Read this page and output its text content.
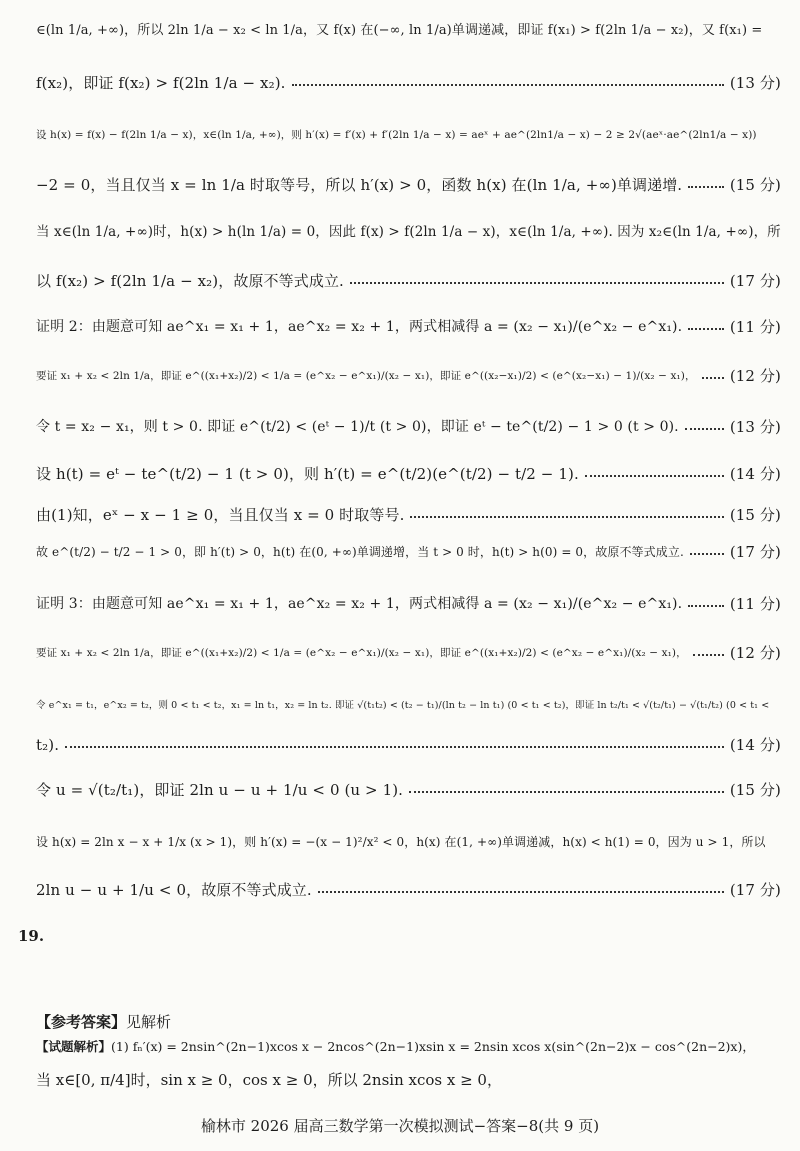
∈(ln 1/a, +∞)，所以 2ln 1/a − x₂ < ln 1/a，又 f(x) 在(−∞, ln 1/a)单调递减，即证 f(x₁) > f(2ln 1/a − x₂)，又 f(x₁) =
f(x₂)，即证 f(x₂) > f(2ln 1/a − x₂).	(13 分)
设 h(x) = f(x) − f(2ln 1/a − x)，x∈(ln 1/a, +∞)，则 h′(x) = f′(x) + f′(2ln 1/a − x) = aeˣ + ae^(2ln1/a − x) − 2 ≥ 2√(aeˣ·ae^(2ln1/a − x))
−2 = 0，当且仅当 x = ln 1/a 时取等号，所以 h′(x) > 0，函数 h(x) 在(ln 1/a, +∞)单调递增.	(15 分)
当 x∈(ln 1/a, +∞)时，h(x) > h(ln 1/a) = 0，因此 f(x) > f(2ln 1/a − x)，x∈(ln 1/a, +∞). 因为 x₂∈(ln 1/a, +∞)，所
以 f(x₂) > f(2ln 1/a − x₂)，故原不等式成立.	(17 分)
证明 2：由题意可知 ae^x₁ = x₁ + 1，ae^x₂ = x₂ + 1，两式相减得 a = (x₂ − x₁)/(e^x₂ − e^x₁).	(11 分)
要证 x₁ + x₂ < 2ln 1/a，即证 e^((x₁+x₂)/2) < 1/a = (e^x₂ − e^x₁)/(x₂ − x₁)，即证 e^((x₂−x₁)/2) < (e^(x₂−x₁) − 1)/(x₂ − x₁)， (12 分)
令 t = x₂ − x₁，则 t > 0. 即证 e^(t/2) < (eᵗ − 1)/t (t > 0)，即证 eᵗ − te^(t/2) − 1 > 0 (t > 0).	(13 分)
设 h(t) = eᵗ − te^(t/2) − 1 (t > 0)，则 h′(t) = e^(t/2)(e^(t/2) − t/2 − 1).	(14 分)
由(1)知，eˣ − x − 1 ≥ 0，当且仅当 x = 0 时取等号.	(15 分)
故 e^(t/2) − t/2 − 1 > 0，即 h′(t) > 0，h(t) 在(0, +∞)单调递增，当 t > 0 时，h(t) > h(0) = 0，故原不等式成立.	(17 分)
证明 3：由题意可知 ae^x₁ = x₁ + 1，ae^x₂ = x₂ + 1，两式相减得 a = (x₂ − x₁)/(e^x₂ − e^x₁).	(11 分)
要证 x₁ + x₂ < 2ln 1/a，即证 e^((x₁+x₂)/2) < 1/a = (e^x₂ − e^x₁)/(x₂ − x₁)，即证 e^((x₁+x₂)/2) < (e^x₂ − e^x₁)/(x₂ − x₁)，	(12 分)
令 e^x₁ = t₁，e^x₂ = t₂，则 0 < t₁ < t₂，x₁ = ln t₁，x₂ = ln t₂. 即证 √(t₁t₂) < (t₂ − t₁)/(ln t₂ − ln t₁) (0 < t₁ < t₂)，即证 ln t₂/t₁ < √(t₂/t₁) − √(t₁/t₂) (0 < t₁ <
t₂).	(14 分)
令 u = √(t₂/t₁)，即证 2ln u − u + 1/u < 0 (u > 1).	(15 分)
设 h(x) = 2ln x − x + 1/x (x > 1)，则 h′(x) = −(x − 1)²/x² < 0，h(x) 在(1, +∞)单调递减，h(x) < h(1) = 0，因为 u > 1，所以
2ln u − u + 1/u < 0，故原不等式成立.	(17 分)
19.
【参考答案】见解析
【试题解析】(1) fₙ′(x) = 2nsin^(2n−1)xcos x − 2ncos^(2n−1)xsin x = 2nsin xcos x(sin^(2n−2)x − cos^(2n−2)x)，
当 x∈[0, π/4]时，sin x ≥ 0，cos x ≥ 0，所以 2nsin xcos x ≥ 0，
榆林市 2026 届高三数学第一次模拟测试−答案−8(共 9 页)
